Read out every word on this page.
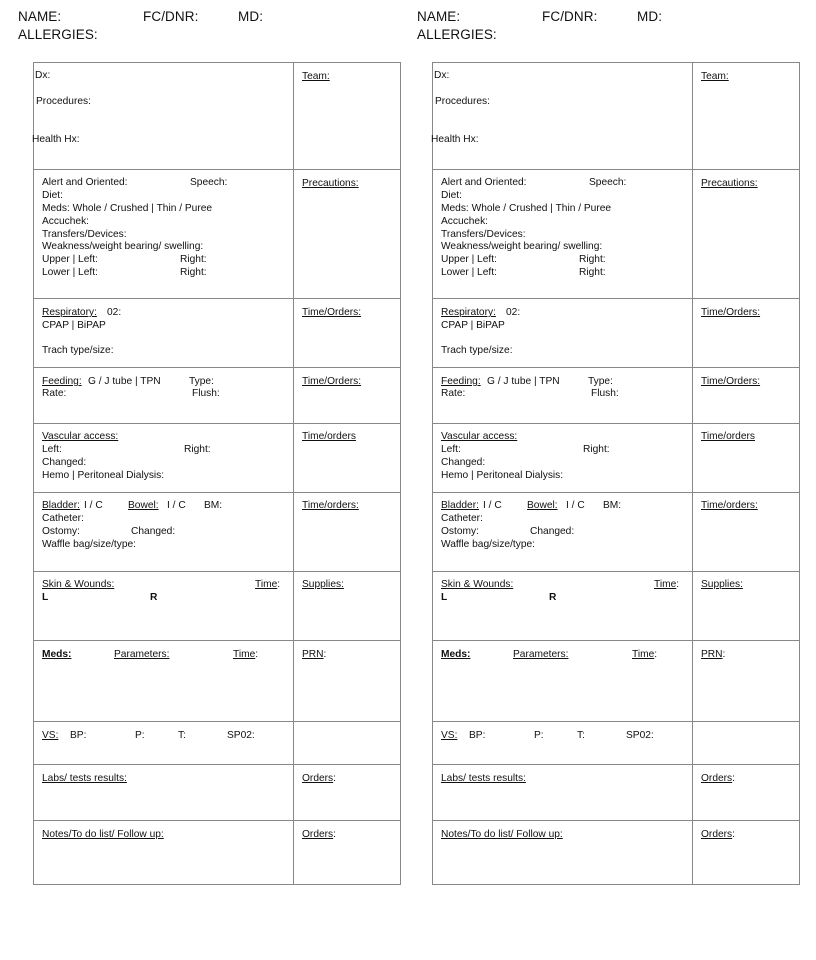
NAME:	FC/DNR:	MD:
ALLERGIES:
Dx:
Procedures:
Health Hx:
Team:
Alert and Oriented:	Speech:
Diet:
Meds: Whole / Crushed | Thin / Puree
Accuchek:
Transfers/Devices:
Weakness/weight bearing/ swelling:
Upper | Left:	Right:
Lower | Left:	Right:
Precautions:
Respiratory: 02:
CPAP | BiPAP
Trach type/size:
Time/Orders:
Feeding: G / J tube | TPN	Type:
Rate:	Flush:
Time/Orders:
Vascular access:
Left:	Right:
Changed:
Hemo | Peritoneal Dialysis:
Time/orders
Bladder: I / C Bowel: I / C BM:
Catheter:
Ostomy:	Changed:
Waffle bag/size/type:
Time/orders:
Skin & Wounds:	Time:
L	R
Supplies:
Meds:	Parameters:	Time:	PRN:
VS: BP:	P:	T:	SP02:
Labs/ tests results:	Orders:
Notes/To do list/ Follow up:	Orders:
NAME:	FC/DNR:	MD:
ALLERGIES:
Dx:
Procedures:
Health Hx:
Team:
Alert and Oriented:	Speech:
Diet:
Meds: Whole / Crushed | Thin / Puree
Accuchek:
Transfers/Devices:
Weakness/weight bearing/ swelling:
Upper | Left:	Right:
Lower | Left:	Right:
Precautions:
Respiratory: 02:
CPAP | BiPAP
Trach type/size:
Time/Orders:
Feeding: G / J tube | TPN	Type:
Rate:	Flush:
Time/Orders:
Vascular access:
Left:	Right:
Changed:
Hemo | Peritoneal Dialysis:
Time/orders
Bladder: I / C Bowel: I / C BM:
Catheter:
Ostomy:	Changed:
Waffle bag/size/type:
Time/orders:
Skin & Wounds:	Time:
L	R
Supplies:
Meds:	Parameters:	Time:	PRN:
VS: BP:	P:	T:	SP02:
Labs/ tests results:	Orders:
Notes/To do list/ Follow up:	Orders:
